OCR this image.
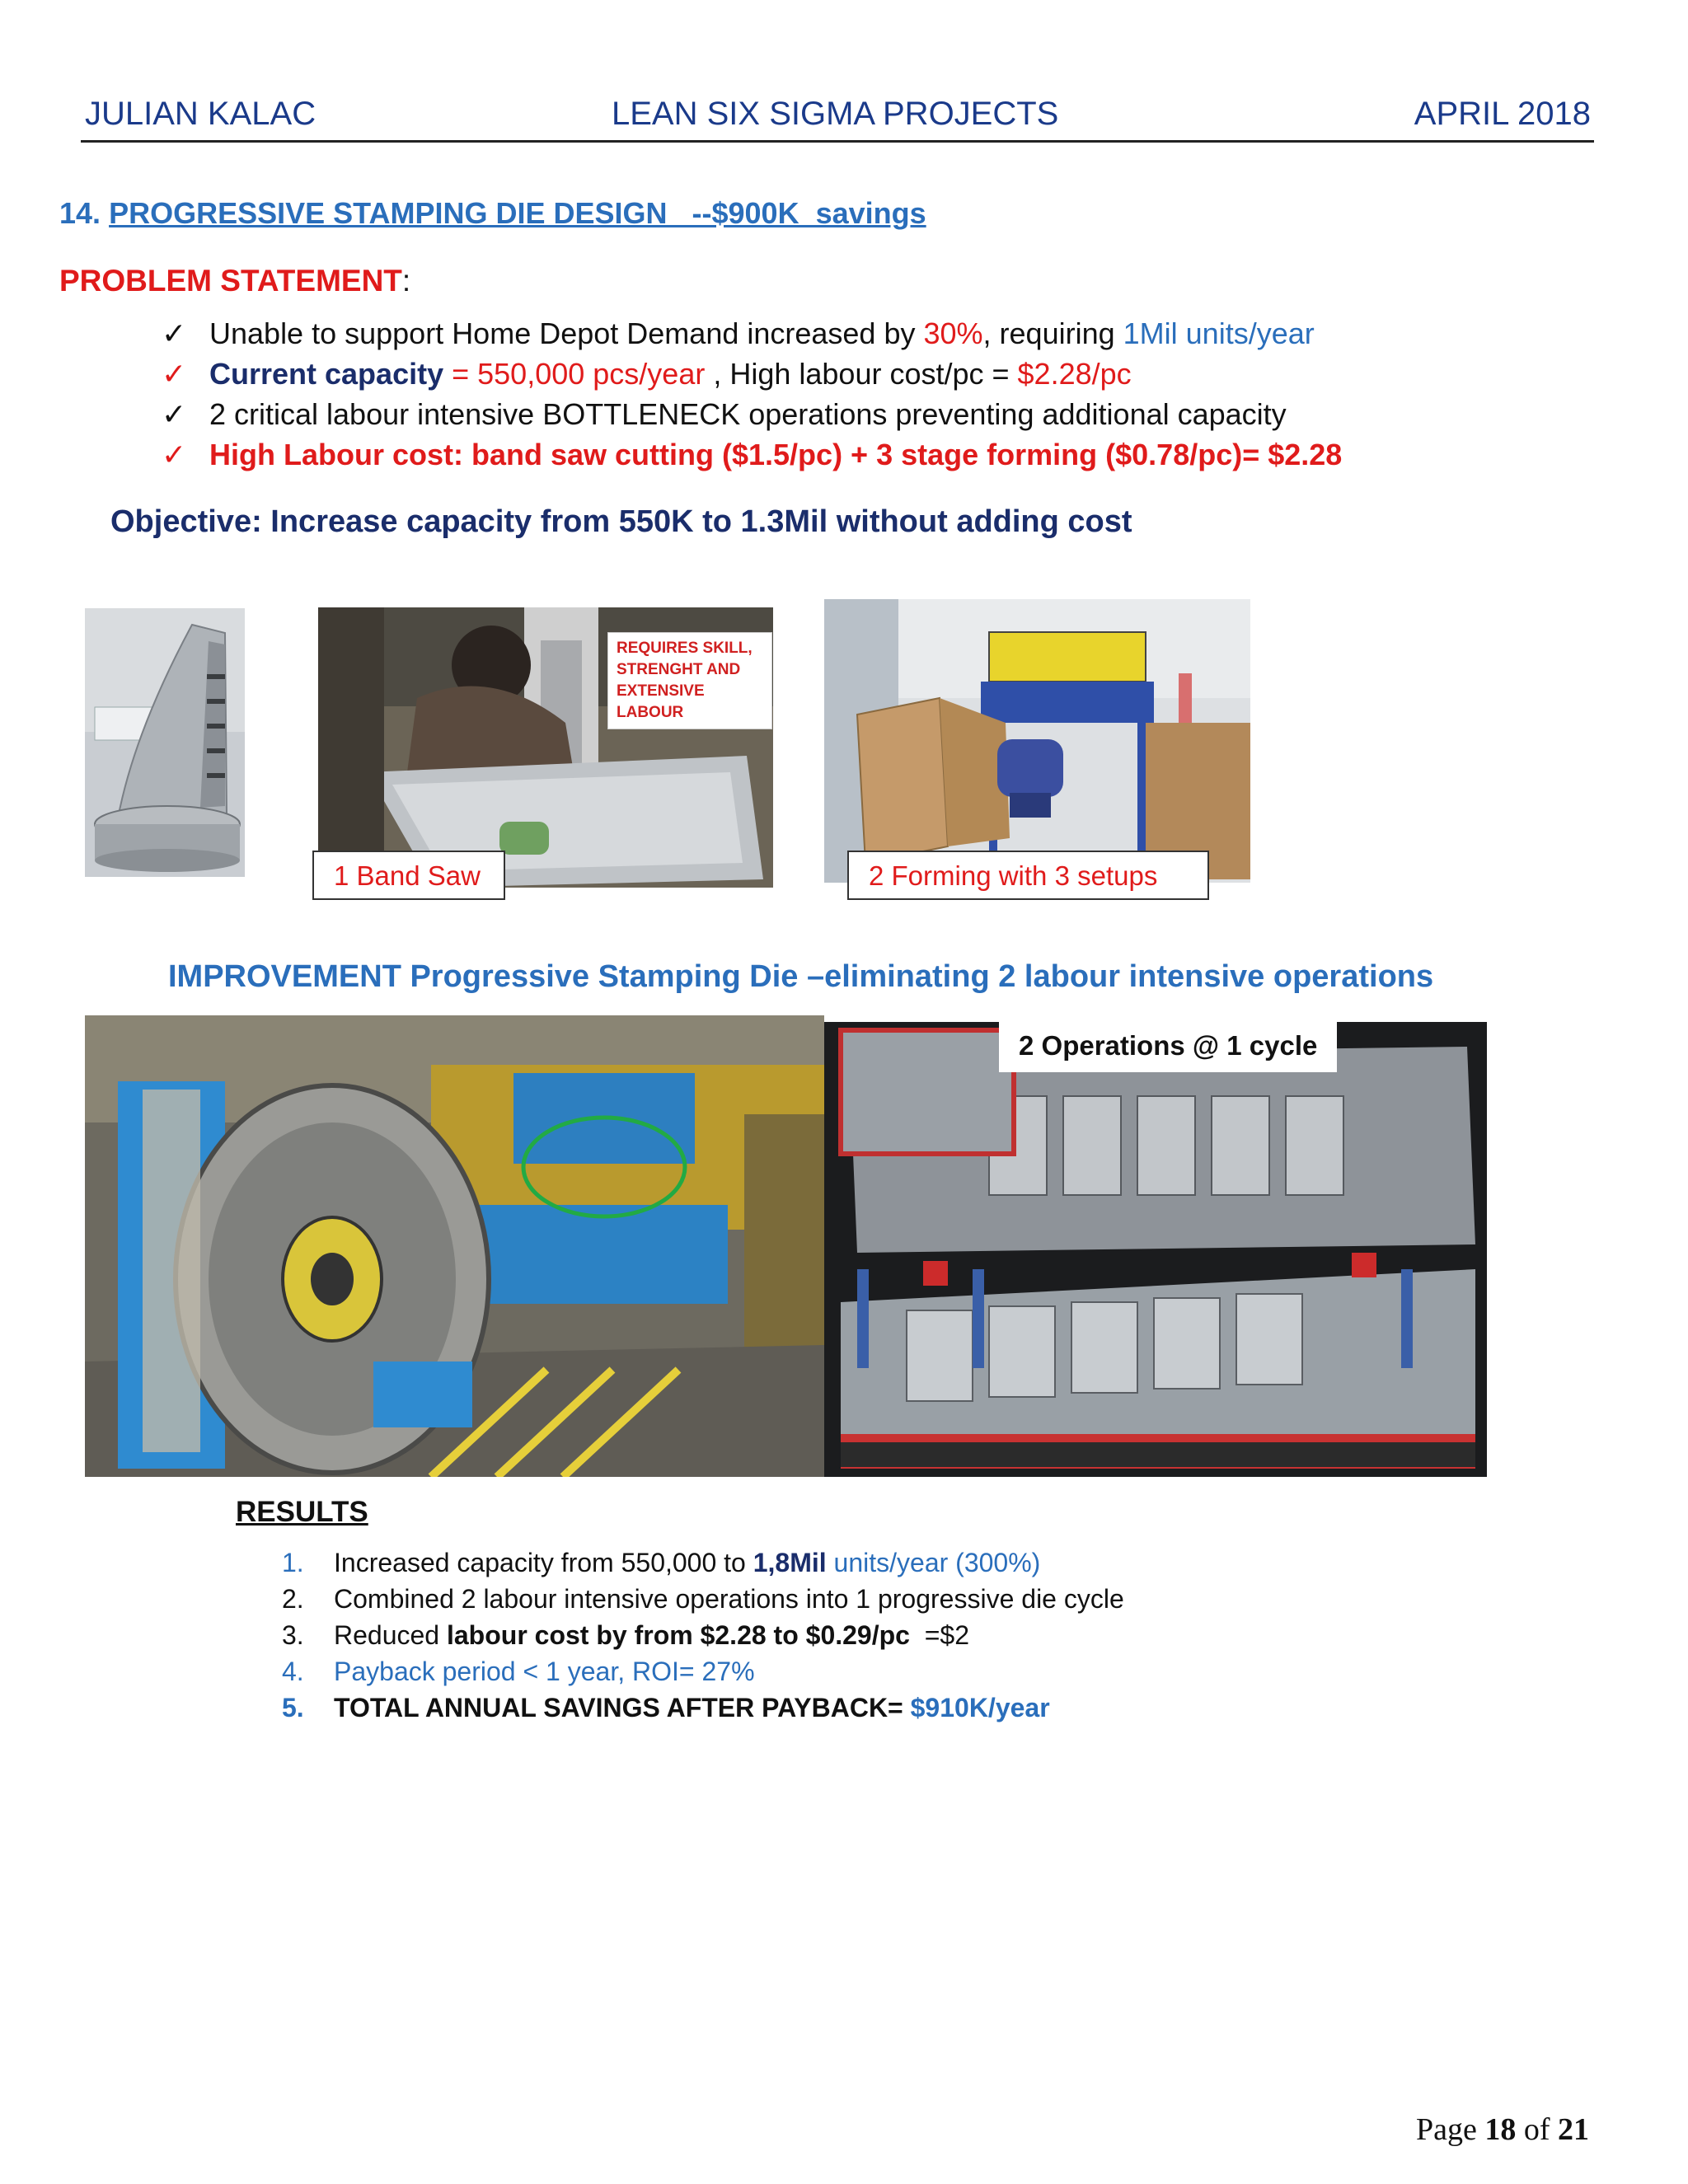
JULIAN KALAC	LEAN SIX SIGMA PROJECTS	APRIL 2018
14. PROGRESSIVE STAMPING DIE DESIGN   --$900K  savings
PROBLEM STATEMENT:
✓ Unable to support Home Depot Demand increased by 30%, requiring 1Mil units/year
✓ Current capacity = 550,000 pcs/year , High labour cost/pc = $2.28/pc
✓ 2 critical labour intensive BOTTLENECK operations preventing additional capacity
✓ High Labour cost: band saw cutting ($1.5/pc) + 3 stage forming ($0.78/pc)= $2.28
Objective: Increase capacity from 550K to 1.3Mil without adding cost
REQUIRES SKILL,
STRENGHT AND
EXTENSIVE LABOUR
1 Band Saw	2 Forming with 3 setups
IMPROVEMENT Progressive Stamping Die –eliminating 2 labour intensive operations
2 Operations @ 1 cycle
RESULTS
1. Increased capacity from 550,000 to 1,8Mil units/year (300%)
2. Combined 2 labour intensive operations into 1 progressive die cycle
3. Reduced labour cost by from $2.28 to $0.29/pc  =$2
4. Payback period < 1 year, ROI= 27%
5. TOTAL ANNUAL SAVINGS AFTER PAYBACK= $910K/year
Page 18 of 21
